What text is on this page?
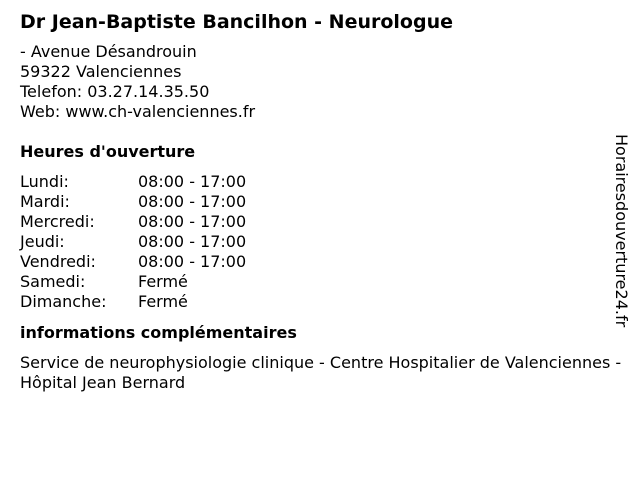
Dr Jean-Baptiste Bancilhon - Neurologue
- Avenue Désandrouin
59322 Valenciennes
Telefon: 03.27.14.35.50
Web: www.ch-valenciennes.fr
Heures d'ouverture
Lundi:	08:00 - 17:00
Mardi:	08:00 - 17:00
Mercredi:	08:00 - 17:00
Jeudi:	08:00 - 17:00
Vendredi:	08:00 - 17:00
Samedi:	Fermé
Dimanche:	Fermé
informations complémentaires
Service de neurophysiologie clinique - Centre Hospitalier de Valenciennes - Hôpital Jean Bernard
Horairesdouverture24.fr
